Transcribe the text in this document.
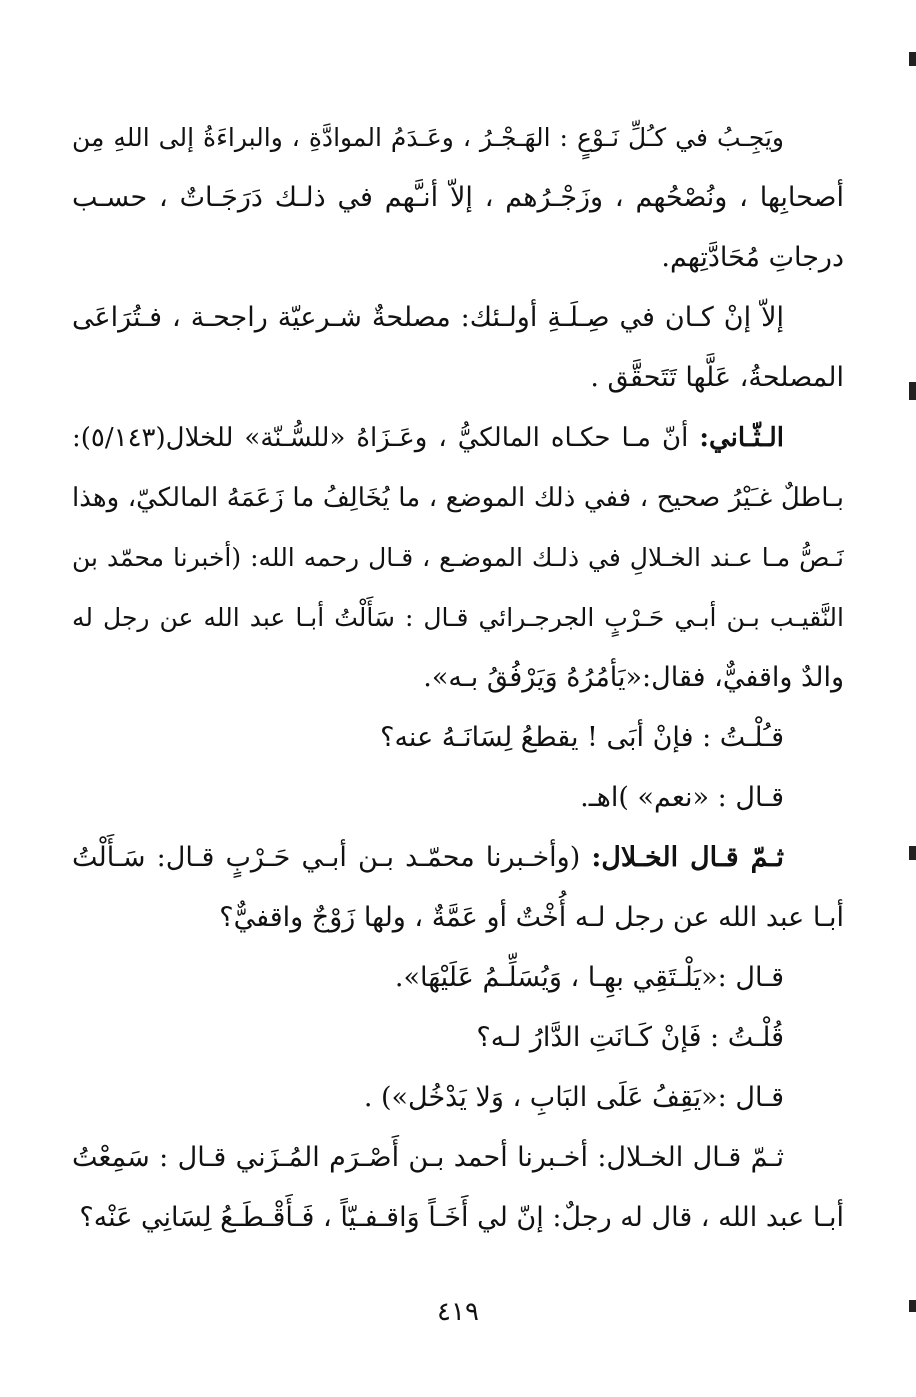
ويَجِـبُ في كـُلِّ نَـوْعٍ : الهَـجْـرُ ، وعَـدَمُ الموادَّةِ ، والبراءَةُ إلى اللهِ مِن
أصحابِها ، ونُصْحُهم ، وزَجْـرُهم ، إلاّ أنـَّهم في ذلـك دَرَجَـاتٌ ، حسـب
درجاتِ مُحَادَّتِهم.
إلاّ إنْ كـان في صِـلَـةِ أولـئك: مصلحةٌ شـرعيّة راجحـة ، فـتُرَاعَى
المصلحةُ، عَلَّها تَتَحقَّق .
الـثّـاني: أنّ مـا حكـاه المالكيُّ ، وعَـزَاهُ «للسُّـنّة» للخلال(٥/١٤٣):
بـاطلٌ غـَيْرُ صحيح ، ففي ذلك الموضع ، ما يُخَالِفُ ما زَعَمَهُ المالكيّ، وهذا
نَـصُّ مـا عـند الخـلالِ في ذلـك الموضـع ، قـال رحمه الله: (أخبرنا محمّد بن
النَّقيـب بـن أبـي حَـرْبٍ الجرجـرائي قـال : سَأَلْتُ أبـا عبد الله عن رجل له
والدٌ واقفيٌّ، فقال:«يَأمُرُهُ وَيَرْفُقُ بـه».
قـُلْـتُ : فإنْ أبَى ! يقطعُ لِسَانَـهُ عنه؟
قـال : «نعم» )اهـ.
ثـمّ قـال الخـلال: (وأخـبرنا محمّـد بـن أبـي حَـرْبٍ قـال: سَـأَلْتُ
أبـا عبد الله عن رجل لـه أُخْتٌ أو عَمَّةٌ ، ولها زَوْجٌ واقفيٌّ؟
قـال :«يَلْـتَقِي بهِـا ، وَيُسَلِّـمُ عَلَيْهَا».
قُلْـتُ : فَإنْ كَـانَتِ الدَّارُ لـه؟
قـال :«يَقِفُ عَلَى البَابِ ، وَلا يَدْخُل») .
ثـمّ قـال الخـلال: أخـبرنا أحمد بـن أَصْـرَم المُـزَني قـال : سَمِعْتُ
أبـا عبد الله ، قال له رجلٌ: إنّ لي أَخَـاً وَاقـفـيّاً ، فَـأَقْـطَـعُ لِسَانِي عَنْه؟
٤١٩
